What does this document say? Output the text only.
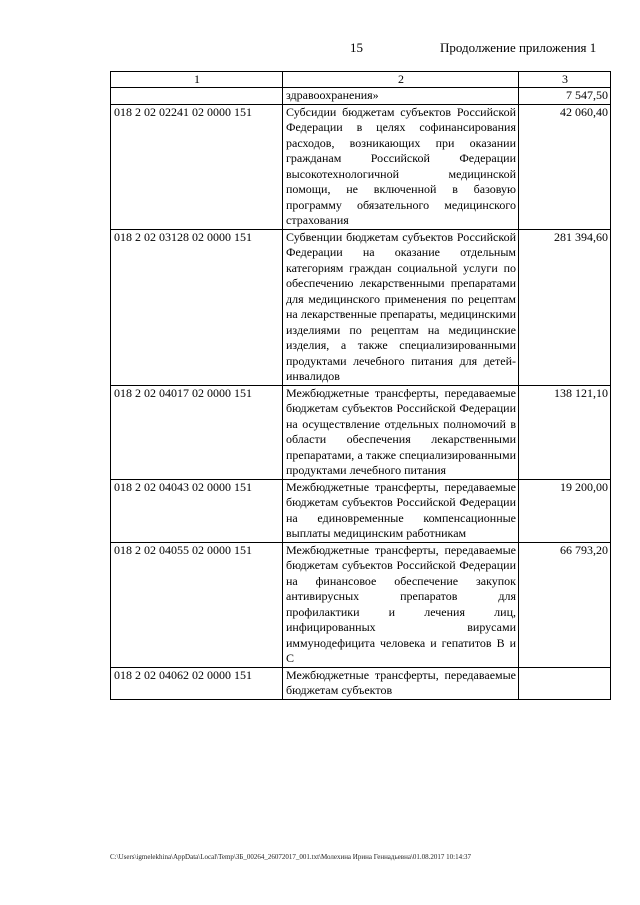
15	Продолжение приложения 1
1	2	3
	здравоохранения»	7 547,50
018 2 02 02241 02 0000 151	Субсидии бюджетам субъектов Российской Федерации в целях софинансирования расходов, возникающих при оказании гражданам Российской Федерации высокотехнологичной медицинской помощи, не включенной в базовую программу обязательного медицинского страхования	42 060,40
018 2 02 03128 02 0000 151	Субвенции бюджетам субъектов Российской Федерации на оказание отдельным категориям граждан социальной услуги по обеспечению лекарственными препаратами для медицинского применения по рецептам на лекарственные препараты, медицинскими изделиями по рецептам на медицинские изделия, а также специализированными продуктами лечебного питания для детей-инвалидов	281 394,60
018 2 02 04017 02 0000 151	Межбюджетные трансферты, передаваемые бюджетам субъектов Российской Федерации на осуществление отдельных полномочий в области обеспечения лекарственными препаратами, а также специализированными продуктами лечебного питания	138 121,10
018 2 02 04043 02 0000 151	Межбюджетные трансферты, передаваемые бюджетам субъектов Российской Федерации на единовременные компенсационные выплаты медицинским работникам	19 200,00
018 2 02 04055 02 0000 151	Межбюджетные трансферты, передаваемые бюджетам субъектов Российской Федерации на финансовое обеспечение закупок антивирусных препаратов для профилактики и лечения лиц, инфицированных вирусами иммунодефицита человека и гепатитов В и С	66 793,20
018 2 02 04062 02 0000 151	Межбюджетные трансферты, передаваемые бюджетам субъектов	
C:\Users\igmelekhina\AppData\Local\Temp\ЗБ_00264_26072017_001.txt\Молехина Ирина Геннадьевна\01.08.2017 10:14:37
